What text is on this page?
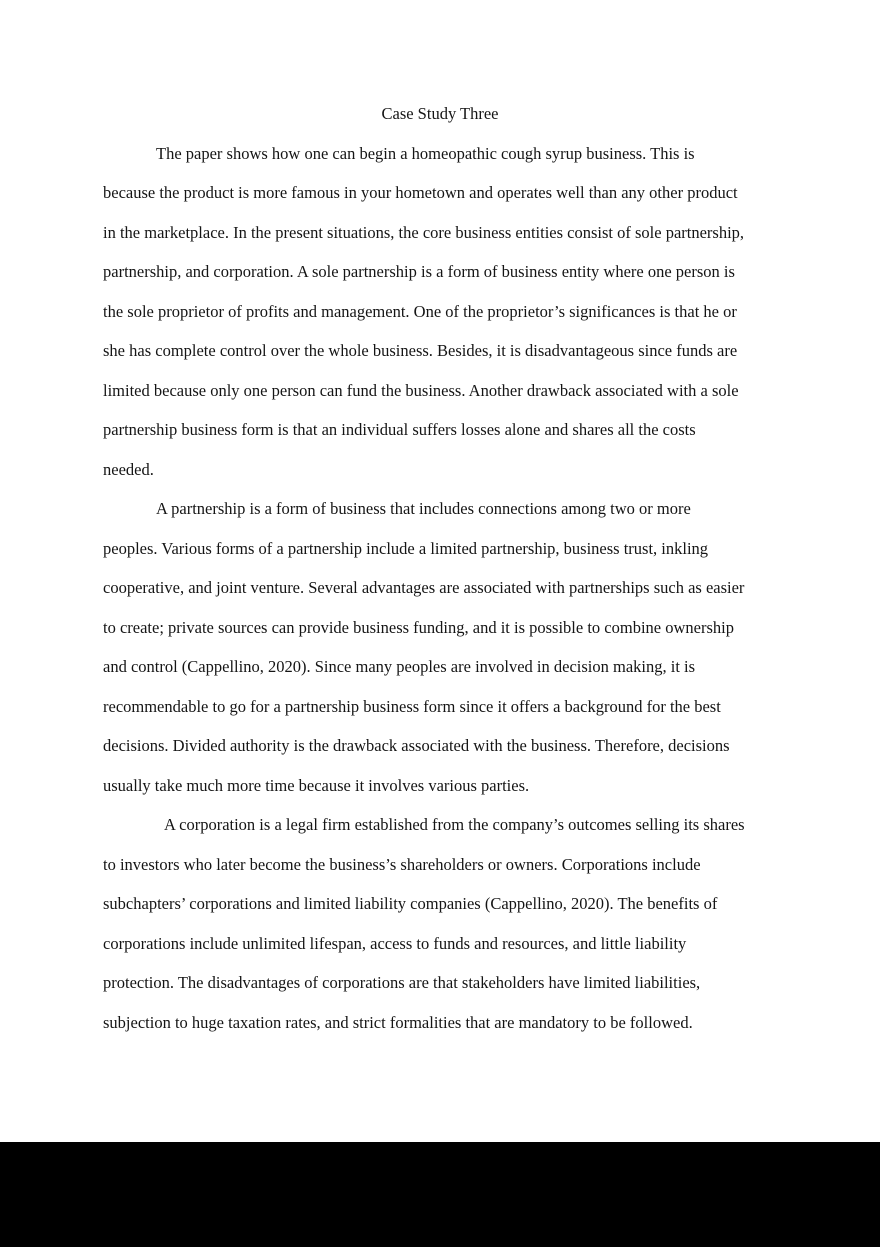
Case Study Three

The paper shows how one can begin a homeopathic cough syrup business. This is
because the product is more famous in your hometown and operates well than any other product
in the marketplace. In the present situations, the core business entities consist of sole partnership,
partnership, and corporation. A sole partnership is a form of business entity where one person is
the sole proprietor of profits and management. One of the proprietor’s significances is that he or
she has complete control over the whole business. Besides, it is disadvantageous since funds are
limited because only one person can fund the business. Another drawback associated with a sole
partnership business form is that an individual suffers losses alone and shares all the costs
needed.

A partnership is a form of business that includes connections among two or more
peoples. Various forms of a partnership include a limited partnership, business trust, inkling
cooperative, and joint venture. Several advantages are associated with partnerships such as easier
to create; private sources can provide business funding, and it is possible to combine ownership
and control (Cappellino, 2020). Since many peoples are involved in decision making, it is
recommendable to go for a partnership business form since it offers a background for the best
decisions. Divided authority is the drawback associated with the business. Therefore, decisions
usually take much more time because it involves various parties.

A corporation is a legal firm established from the company’s outcomes selling its shares
to investors who later become the business’s shareholders or owners. Corporations include
subchapters’ corporations and limited liability companies (Cappellino, 2020). The benefits of
corporations include unlimited lifespan, access to funds and resources, and little liability
protection. The disadvantages of corporations are that stakeholders have limited liabilities,
subjection to huge taxation rates, and strict formalities that are mandatory to be followed.
